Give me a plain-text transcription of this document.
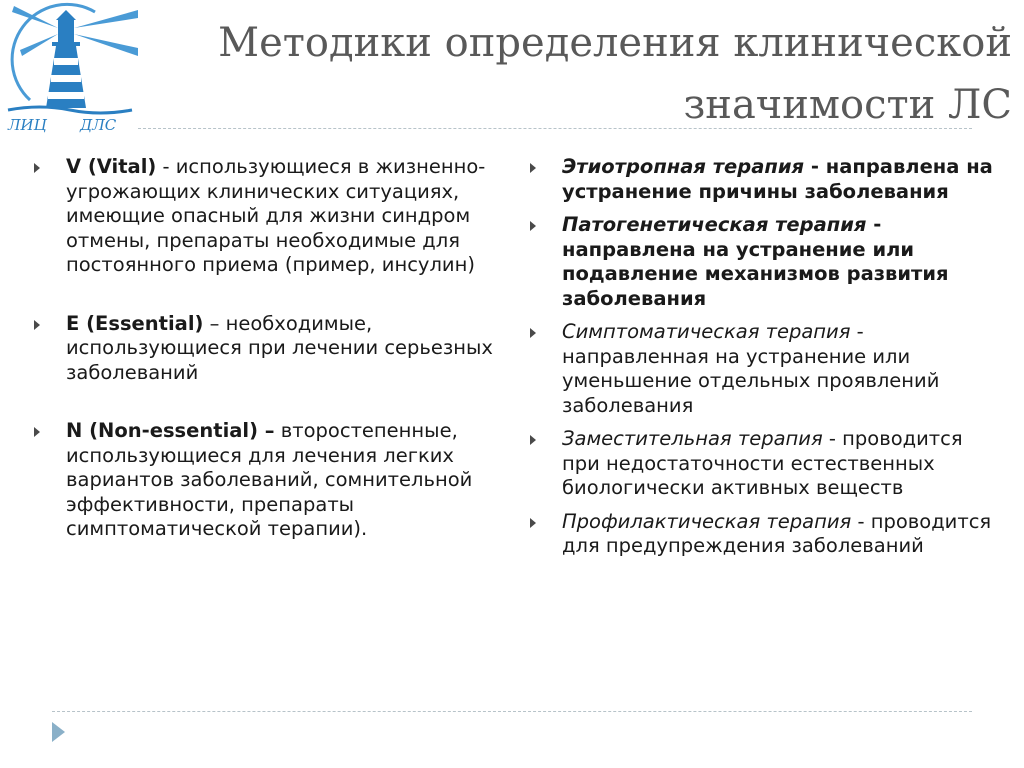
ЛИЦ ДЛС
Методики определения клинической
значимости ЛС
V (Vital) - использующиеся в жизненно-угрожающих клинических ситуациях, имеющие опасный для жизни синдром отмены, препараты необходимые для постоянного приема (пример, инсулин)
E (Essential) – необходимые, использующиеся при лечении серьезных заболеваний
N (Non-essential) – второстепенные, использующиеся для лечения легких вариантов заболеваний, сомнительной эффективности, препараты симптоматической терапии).
Этиотропная терапия - направлена на устранение причины заболевания
Патогенетическая терапия - направлена на устранение или подавление механизмов развития заболевания
Симптоматическая терапия - направленная на устранение или уменьшение отдельных проявлений заболевания
Заместительная терапия - проводится при недостаточности естественных биологически активных веществ
Профилактическая терапия - проводится для предупреждения заболеваний
